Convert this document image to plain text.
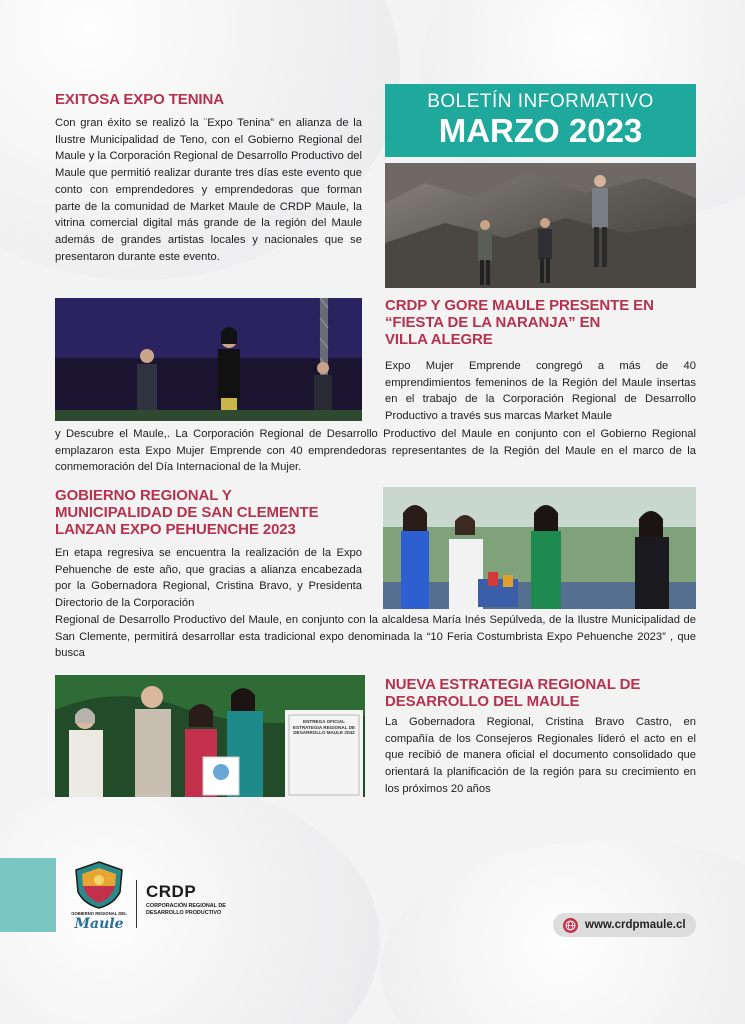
BOLETÍN INFORMATIVO
MARZO 2023
EXITOSA EXPO TENINA
Con gran éxito se realizó la ¨Expo Tenina” en alianza de la Ilustre Municipalidad de Teno, con el Gobierno Regional del Maule y la Corporación Regional de Desarrollo Productivo del Maule que permitió realizar durante tres días este evento que conto con emprendedores y emprendedoras que forman parte de la comunidad de Market Maule de CRDP Maule, la vitrina comercial digital más grande de la región del Maule además de grandes artistas locales y nacionales que se presentaron durante este evento.
CRDP Y GORE MAULE PRESENTE EN
“FIESTA DE LA NARANJA” EN
VILLA ALEGRE
Expo Mujer Emprende congregó a más de 40 emprendimientos femeninos de la Región del Maule insertas en el trabajo de la Corporación Regional de Desarrollo Productivo a través sus marcas Market Maule
y Descubre el Maule,. La Corporación Regional de Desarrollo Productivo del Maule en conjunto con el Gobierno Regional emplazaron esta Expo Mujer Emprende con 40 emprendedoras representantes de la Región del Maule en el marco de la conmemoración del Día Internacional de la Mujer.
GOBIERNO REGIONAL Y
MUNICIPALIDAD DE SAN CLEMENTE
LANZAN EXPO PEHUENCHE 2023
En etapa regresiva se encuentra la realización de la Expo Pehuenche de este año, que gracias a alianza encabezada por la Gobernadora Regional, Cristina Bravo, y Presidenta Directorio de la Corporación
Regional de Desarrollo Productivo del Maule, en conjunto con la alcaldesa María Inés Sepúlveda, de la Ilustre Municipalidad de San Clemente, permitirá desarrollar esta tradicional expo denominada la “10 Feria Costumbrista Expo Pehuenche 2023” , que busca
ENTREGA OFICIAL ESTRATEGIA REGIONAL DE DESARROLLO MAULE 2042
NUEVA ESTRATEGIA REGIONAL DE
DESARROLLO DEL MAULE
La Gobernadora Regional, Cristina Bravo Castro, en compañía de los Consejeros Regionales lideró el acto en el que recibió de manera oficial el documento consolidado que orientará la planificación de la región para su crecimiento en los próximos 20 años
GOBIERNO REGIONAL DEL
Maule
CRDP
CORPORACIÓN REGIONAL DE
DESARROLLO PRODUCTIVO
www.crdpmaule.cl
